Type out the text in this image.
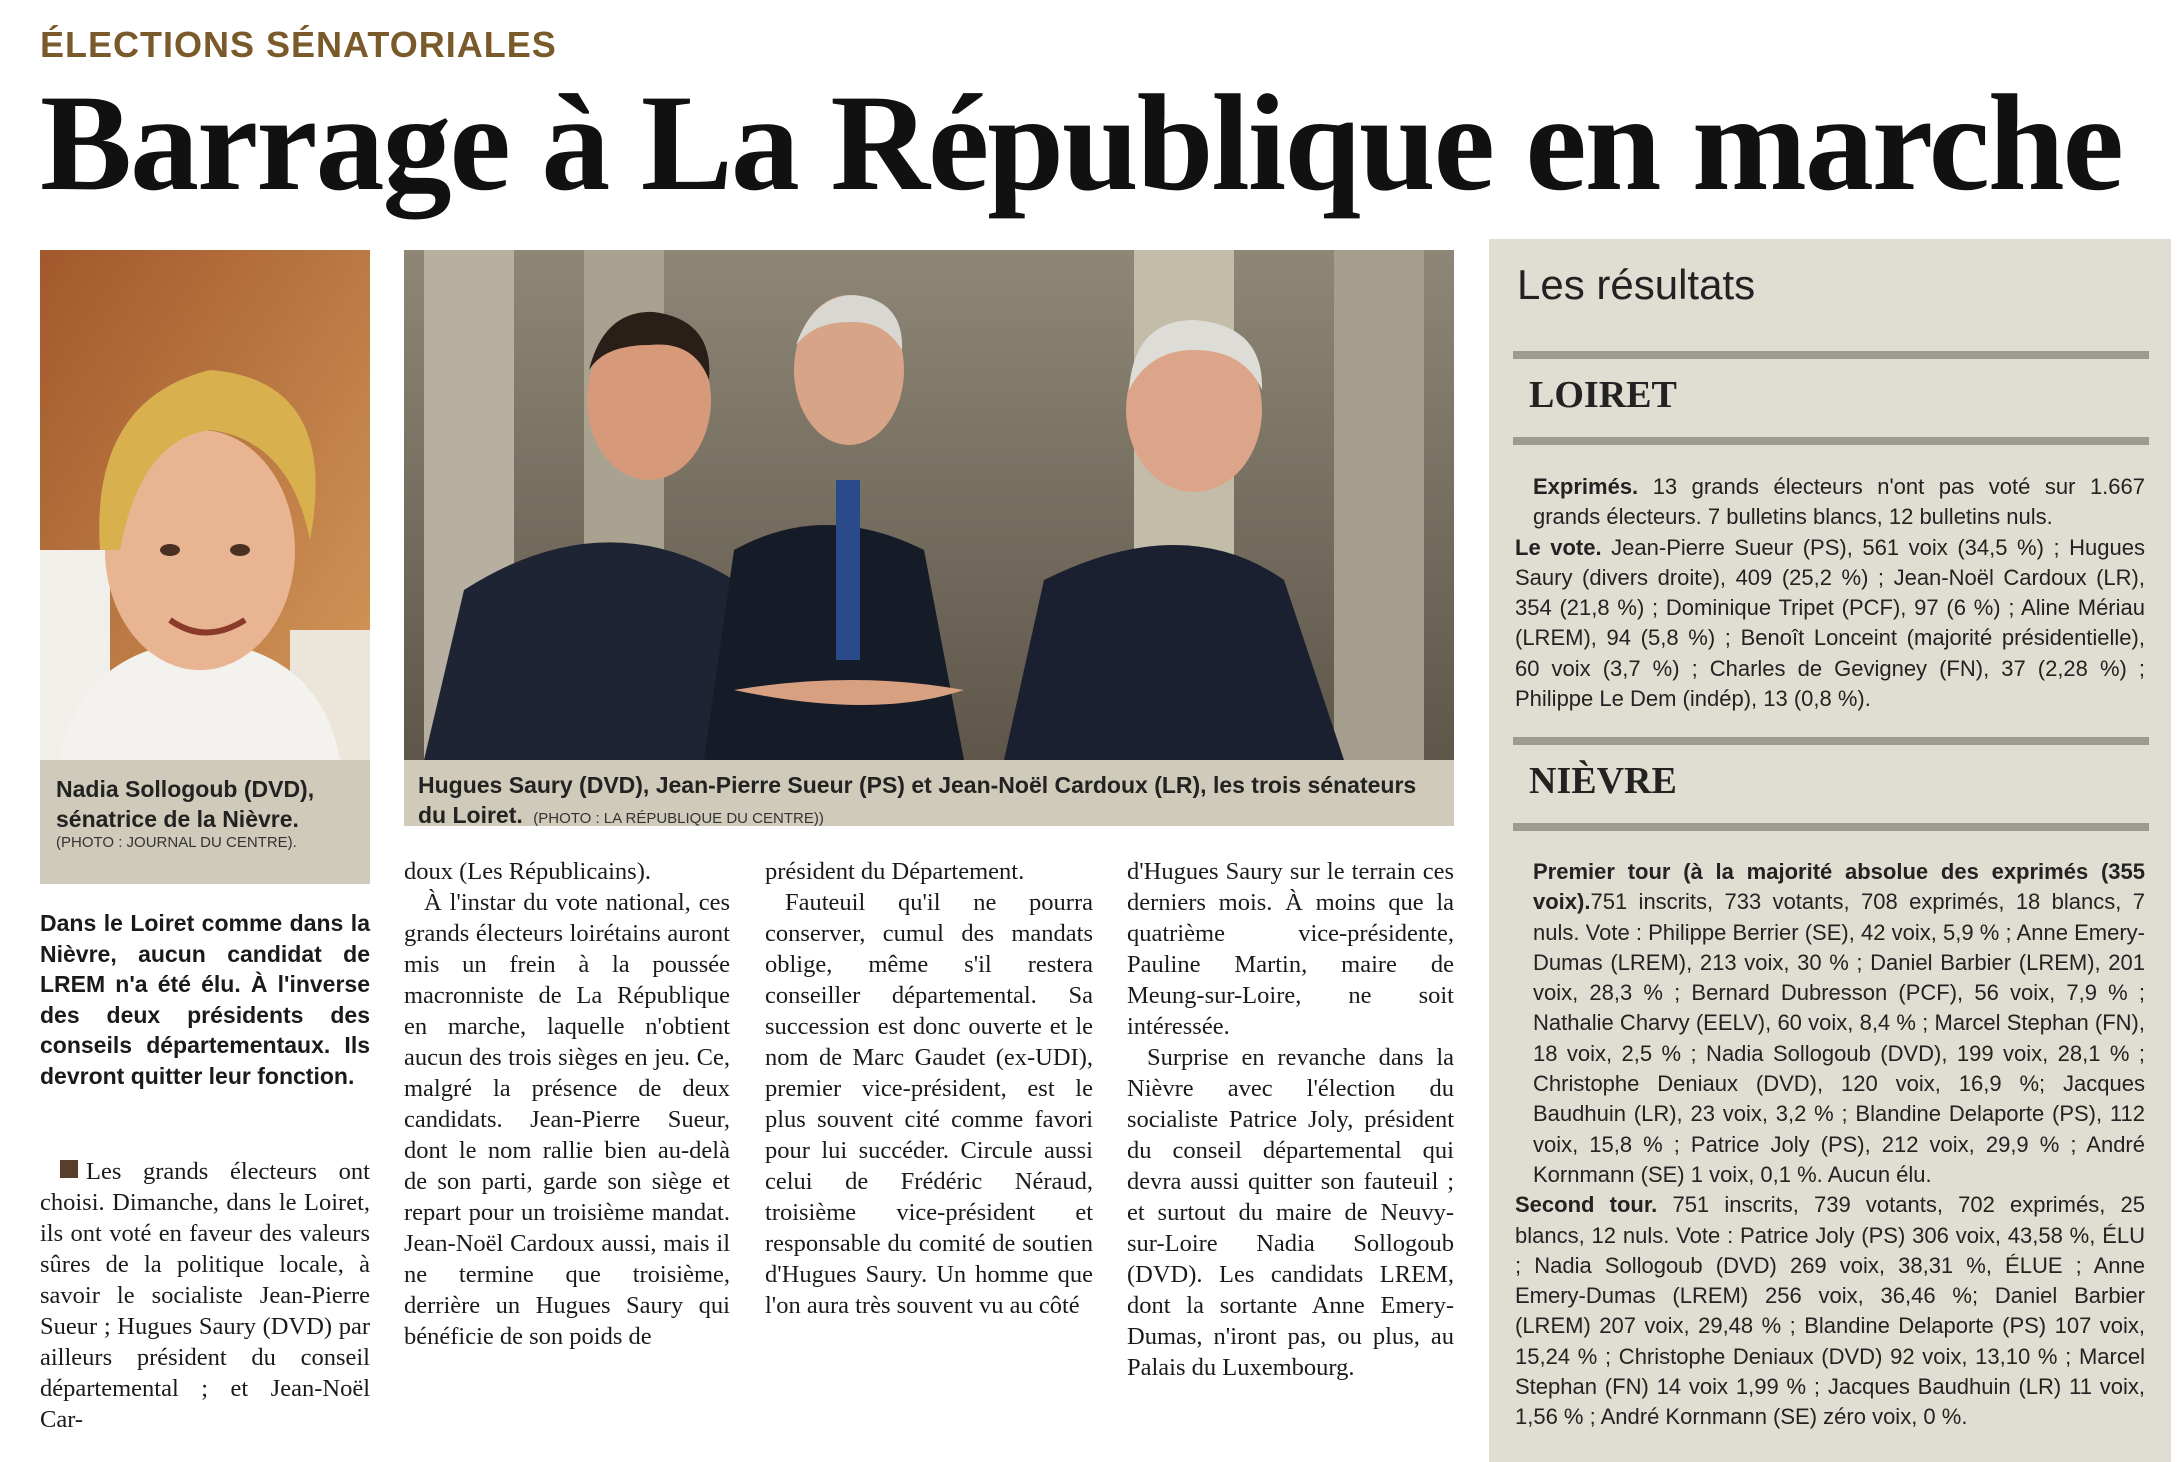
ÉLECTIONS SÉNATORIALES
Barrage à La République en marche
Nadia Sollogoub (DVD), sénatrice de la Nièvre.
(PHOTO : JOURNAL DU CENTRE).
Hugues Saury (DVD), Jean-Pierre Sueur (PS) et Jean-Noël Cardoux (LR), les trois sénateurs du Loiret. (PHOTO : LA RÉPUBLIQUE DU CENTRE))
Dans le Loiret comme dans la Nièvre, aucun candidat de LREM n'a été élu. À l'inverse des deux présidents des conseils départementaux. Ils devront quitter leur fonction.

Les grands électeurs ont choisi. Dimanche, dans le Loiret, ils ont voté en faveur des valeurs sûres de la politique locale, à savoir le socialiste Jean-Pierre Sueur ; Hugues Saury (DVD) par ailleurs président du conseil départemental ; et Jean-Noël Car-

doux (Les Républicains).

À l'instar du vote national, ces grands électeurs loirétains auront mis un frein à la poussée macronniste de La République en marche, laquelle n'obtient aucun des trois sièges en jeu. Ce, malgré la présence de deux candidats. Jean-Pierre Sueur, dont le nom rallie bien au-delà de son parti, garde son siège et repart pour un troisième mandat. Jean-Noël Cardoux aussi, mais il ne termine que troisième, derrière un Hugues Saury qui bénéficie de son poids de

président du Département.

Fauteuil qu'il ne pourra conserver, cumul des mandats oblige, même s'il restera conseiller départemental. Sa succession est donc ouverte et le nom de Marc Gaudet (ex-UDI), premier vice-président, est le plus souvent cité comme favori pour lui succéder. Circule aussi celui de Frédéric Néraud, troisième vice-président et responsable du comité de soutien d'Hugues Saury. Un homme que l'on aura très souvent vu au côté

d'Hugues Saury sur le terrain ces derniers mois. À moins que la quatrième vice-présidente, Pauline Martin, maire de Meung-sur-Loire, ne soit intéressée.

Surprise en revanche dans la Nièvre avec l'élection du socialiste Patrice Joly, président du conseil départemental qui devra aussi quitter son fauteuil ; et surtout du maire de Neuvy-sur-Loire Nadia Sollogoub (DVD). Les candidats LREM, dont la sortante Anne Emery-Dumas, n'iront pas, ou plus, au Palais du Luxembourg.

Les résultats
LOIRET
Exprimés. 13 grands électeurs n'ont pas voté sur 1.667 grands électeurs. 7 bulletins blancs, 12 bulletins nuls.
Le vote. Jean-Pierre Sueur (PS), 561 voix (34,5 %) ; Hugues Saury (divers droite), 409 (25,2 %) ; Jean-Noël Cardoux (LR), 354 (21,8 %) ; Dominique Tripet (PCF), 97 (6 %) ; Aline Mériau (LREM), 94 (5,8 %) ; Benoît Lonceint (majorité présidentielle), 60 voix (3,7 %) ; Charles de Gevigney (FN), 37 (2,28 %) ; Philippe Le Dem (indép), 13 (0,8 %).
NIÈVRE
Premier tour (à la majorité absolue des exprimés (355 voix).751 inscrits, 733 votants, 708 exprimés, 18 blancs, 7 nuls. Vote : Philippe Berrier (SE), 42 voix, 5,9 % ; Anne Emery-Dumas (LREM), 213 voix, 30 % ; Daniel Barbier (LREM), 201 voix, 28,3 % ; Bernard Dubresson (PCF), 56 voix, 7,9 % ; Nathalie Charvy (EELV), 60 voix, 8,4 % ; Marcel Stephan (FN), 18 voix, 2,5 % ; Nadia Sollogoub (DVD), 199 voix, 28,1 % ; Christophe Deniaux (DVD), 120 voix, 16,9 %; Jacques Baudhuin (LR), 23 voix, 3,2 % ; Blandine Delaporte (PS), 112 voix, 15,8 % ; Patrice Joly (PS), 212 voix, 29,9 % ; André Kornmann (SE) 1 voix, 0,1 %. Aucun élu.
Second tour. 751 inscrits, 739 votants, 702 exprimés, 25 blancs, 12 nuls. Vote : Patrice Joly (PS) 306 voix, 43,58 %, ÉLU ; Nadia Sollogoub (DVD) 269 voix, 38,31 %, ÉLUE ; Anne Emery-Dumas (LREM) 256 voix, 36,46 %; Daniel Barbier (LREM) 207 voix, 29,48 % ; Blandine Delaporte (PS) 107 voix, 15,24 % ; Christophe Deniaux (DVD) 92 voix, 13,10 % ; Marcel Stephan (FN) 14 voix 1,99 % ; Jacques Baudhuin (LR) 11 voix, 1,56 % ; André Kornmann (SE) zéro voix, 0 %.
